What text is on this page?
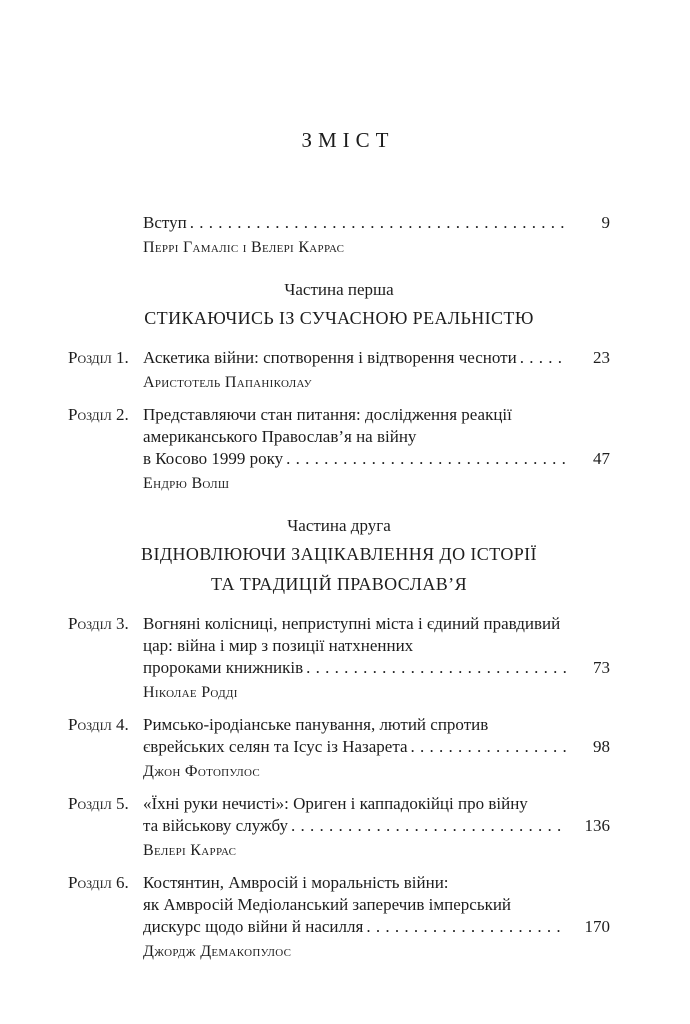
ЗМІСТ
Вступ . . .	9
Перрі Гамаліс і Велері Каррас
Частина перша
СТИКАЮЧИСЬ ІЗ СУЧАСНОЮ РЕАЛЬНІСТЮ
Розділ 1. Аскетика війни: спотворення і відтворення чесноти . . .	23
Аристотель Папаніколау
Розділ 2. Представляючи стан питання: дослідження реакції
американського Православ’я на війну
в Косово 1999 року . . .	47
Ендрю Волш
Частина друга
ВІДНОВЛЮЮЧИ ЗАЦІКАВЛЕННЯ ДО ІСТОРІЇ
ТА ТРАДИЦІЙ ПРАВОСЛАВ’Я
Розділ 3. Вогняні колісниці, неприступні міста і єдиний правдивий
цар: війна і мир з позиції натхненних
пророками книжників . . .	73
Ніколае Родді
Розділ 4. Римсько-іродіанське панування, лютий спротив
єврейських селян та Ісус із Назарета . . .	98
Джон Фотопулос
Розділ 5. «Їхні руки нечисті»: Ориген і каппадокійці про війну
та військову службу . . .	136
Велері Каррас
Розділ 6. Костянтин, Амвросій і моральність війни:
як Амвросій Медіоланський заперечив імперський
дискурс щодо війни й насилля . . .	170
Джордж Демакопулос
